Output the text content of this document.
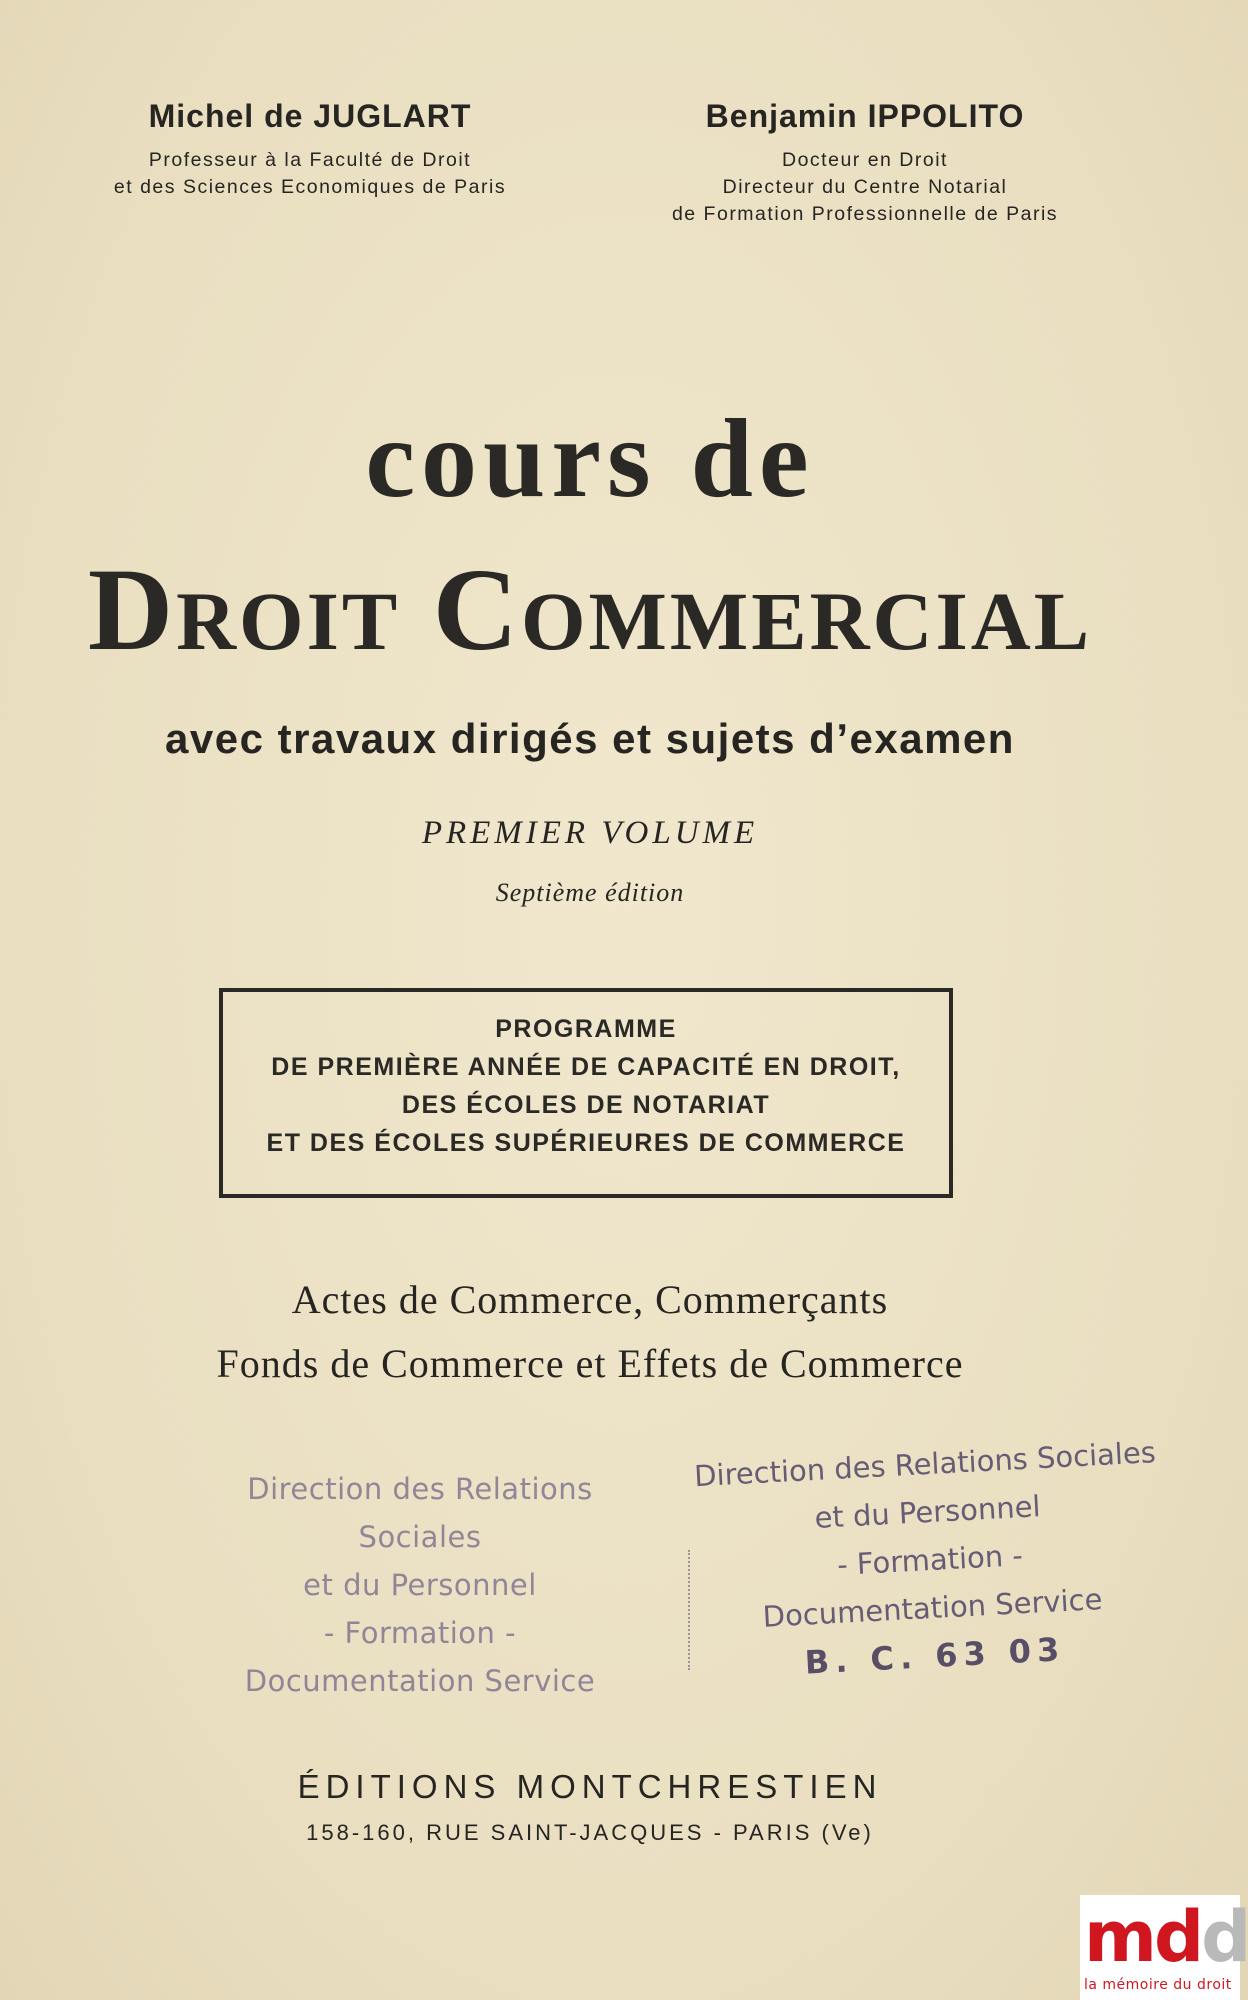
Michel de JUGLART
Professeur à la Faculté de Droit
et des Sciences Economiques de Paris
Benjamin IPPOLITO
Docteur en Droit
Directeur du Centre Notarial
de Formation Professionnelle de Paris
cours de
Droit Commercial
avec travaux dirigés et sujets d’examen
PREMIER VOLUME
Septième édition
PROGRAMME
DE PREMIÈRE ANNÉE DE CAPACITÉ EN DROIT,
DES ÉCOLES DE NOTARIAT
ET DES ÉCOLES SUPÉRIEURES DE COMMERCE
Actes de Commerce, Commerçants
Fonds de Commerce et Effets de Commerce
Direction des Relations Sociales
et du Personnel
- Formation -
Documentation Service
Direction des Relations Sociales
et du Personnel
- Formation -
Documentation Service
B. C. 63 03
ÉDITIONS MONTCHRESTIEN
158-160, RUE SAINT-JACQUES - PARIS (Ve)
mdd
la mémoire du droit
